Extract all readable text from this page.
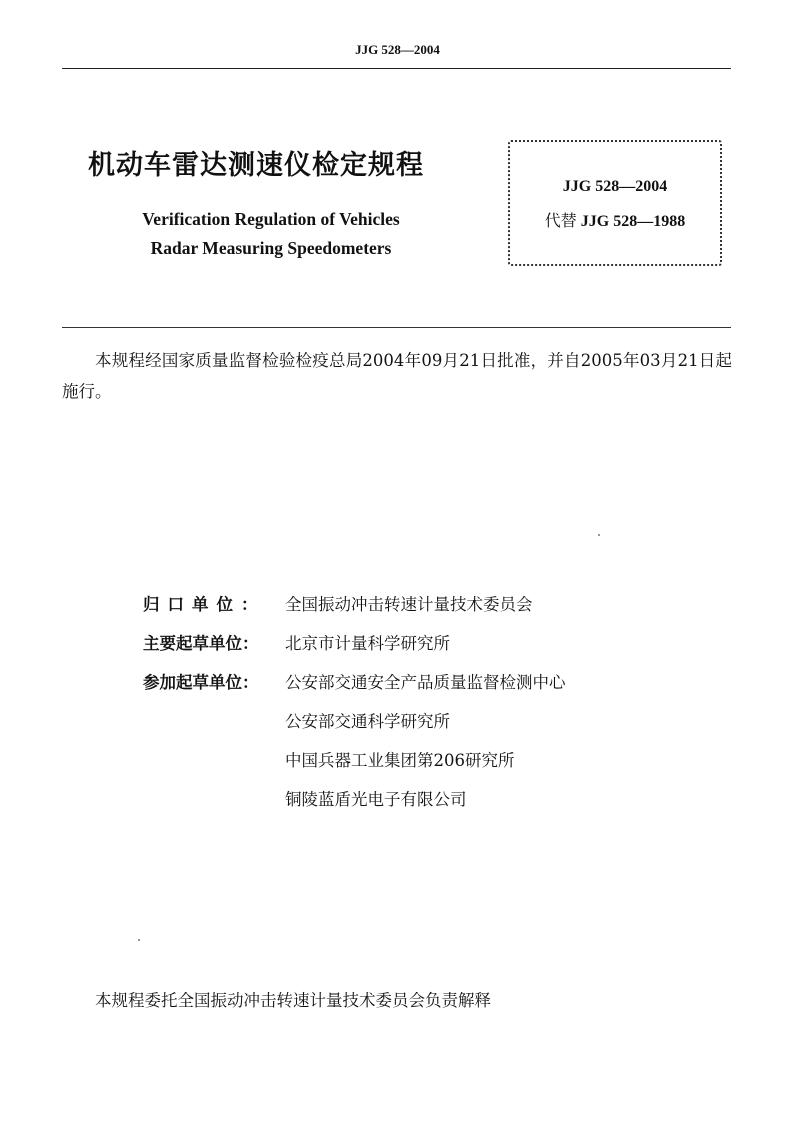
JJG 528—2004
机动车雷达测速仪检定规程
Verification Regulation of Vehicles
Radar Measuring Speedometers
JJG 528—2004
代替 JJG 528—1988
本规程经国家质量监督检验检疫总局2004年09月21日批准，并自2005年03月21日起施行。
归口单位： 全国振动冲击转速计量技术委员会
主要起草单位： 北京市计量科学研究所
参加起草单位： 公安部交通安全产品质量监督检测中心
公安部交通科学研究所
中国兵器工业集团第206研究所
铜陵蓝盾光电子有限公司
本规程委托全国振动冲击转速计量技术委员会负责解释
